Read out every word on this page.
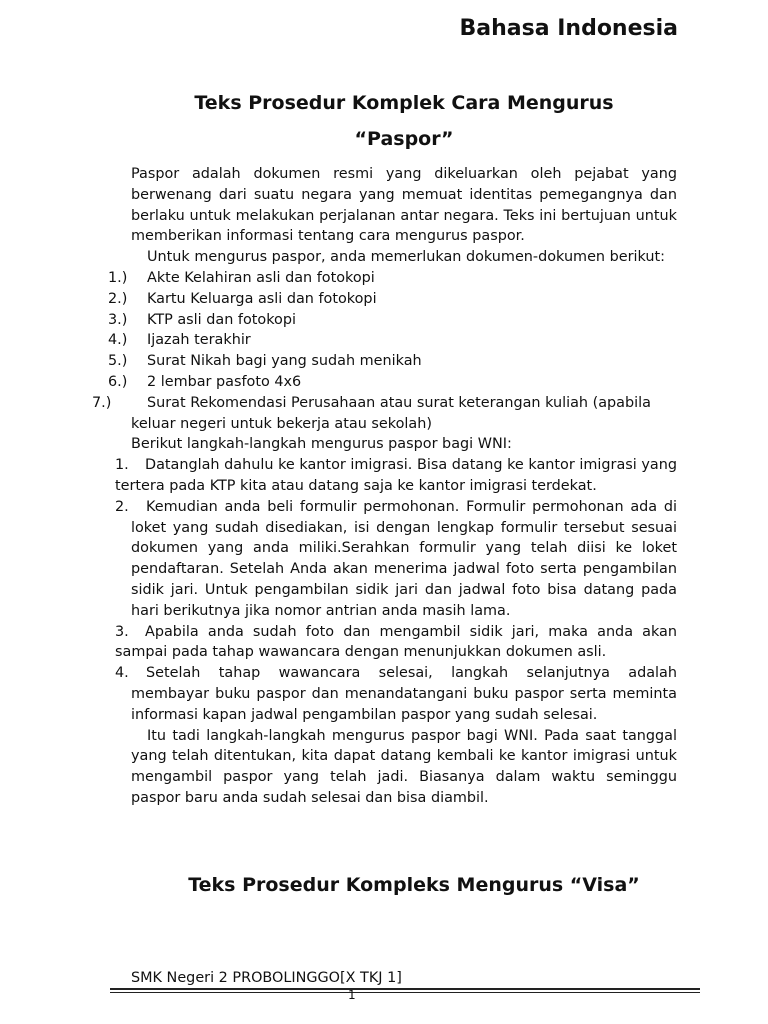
Bahasa Indonesia
Teks Prosedur Komplek Cara Mengurus
“Paspor”

Paspor adalah dokumen resmi yang dikeluarkan oleh pejabat yang berwenang dari suatu negara yang memuat identitas pemegangnya dan berlaku untuk melakukan perjalanan antar negara. Teks ini bertujuan untuk memberikan informasi tentang cara mengurus paspor.

Untuk mengurus paspor, anda memerlukan dokumen-dokumen berikut:

1.)	Akte Kelahiran asli dan fotokopi
2.)	Kartu Keluarga asli dan fotokopi
3.)	KTP asli dan fotokopi
4.)	Ijazah terakhir
5.)	Surat Nikah bagi yang sudah menikah
6.)	2 lembar pasfoto 4x6
7.)	Surat Rekomendasi Perusahaan atau surat keterangan kuliah (apabila keluar negeri untuk bekerja atau sekolah)

Berikut langkah-langkah mengurus paspor bagi WNI:

1. Datanglah dahulu ke kantor imigrasi. Bisa datang ke kantor imigrasi yang tertera pada KTP kita atau datang saja ke kantor imigrasi terdekat.
2. Kemudian anda beli formulir permohonan. Formulir permohonan ada di loket yang sudah disediakan, isi dengan lengkap formulir tersebut sesuai dokumen yang anda miliki.Serahkan formulir yang telah diisi ke loket pendaftaran. Setelah Anda akan menerima jadwal foto serta pengambilan sidik jari. Untuk pengambilan sidik jari dan jadwal foto bisa datang pada hari berikutnya jika nomor antrian anda masih lama.
3. Apabila anda sudah foto dan mengambil sidik jari, maka anda akan sampai pada tahap wawancara dengan menunjukkan dokumen asli.
4. Setelah tahap wawancara selesai, langkah selanjutnya adalah membayar buku paspor dan menandatangani buku paspor serta meminta informasi kapan jadwal pengambilan paspor yang sudah selesai.

Itu tadi langkah-langkah mengurus paspor bagi WNI. Pada saat tanggal yang telah ditentukan, kita dapat datang kembali ke kantor imigrasi untuk mengambil paspor yang telah jadi. Biasanya dalam waktu seminggu paspor baru anda sudah selesai dan bisa diambil.

Teks Prosedur Kompleks Mengurus “Visa”
SMK Negeri 2 PROBOLINGGO[X TKJ 1]
1
